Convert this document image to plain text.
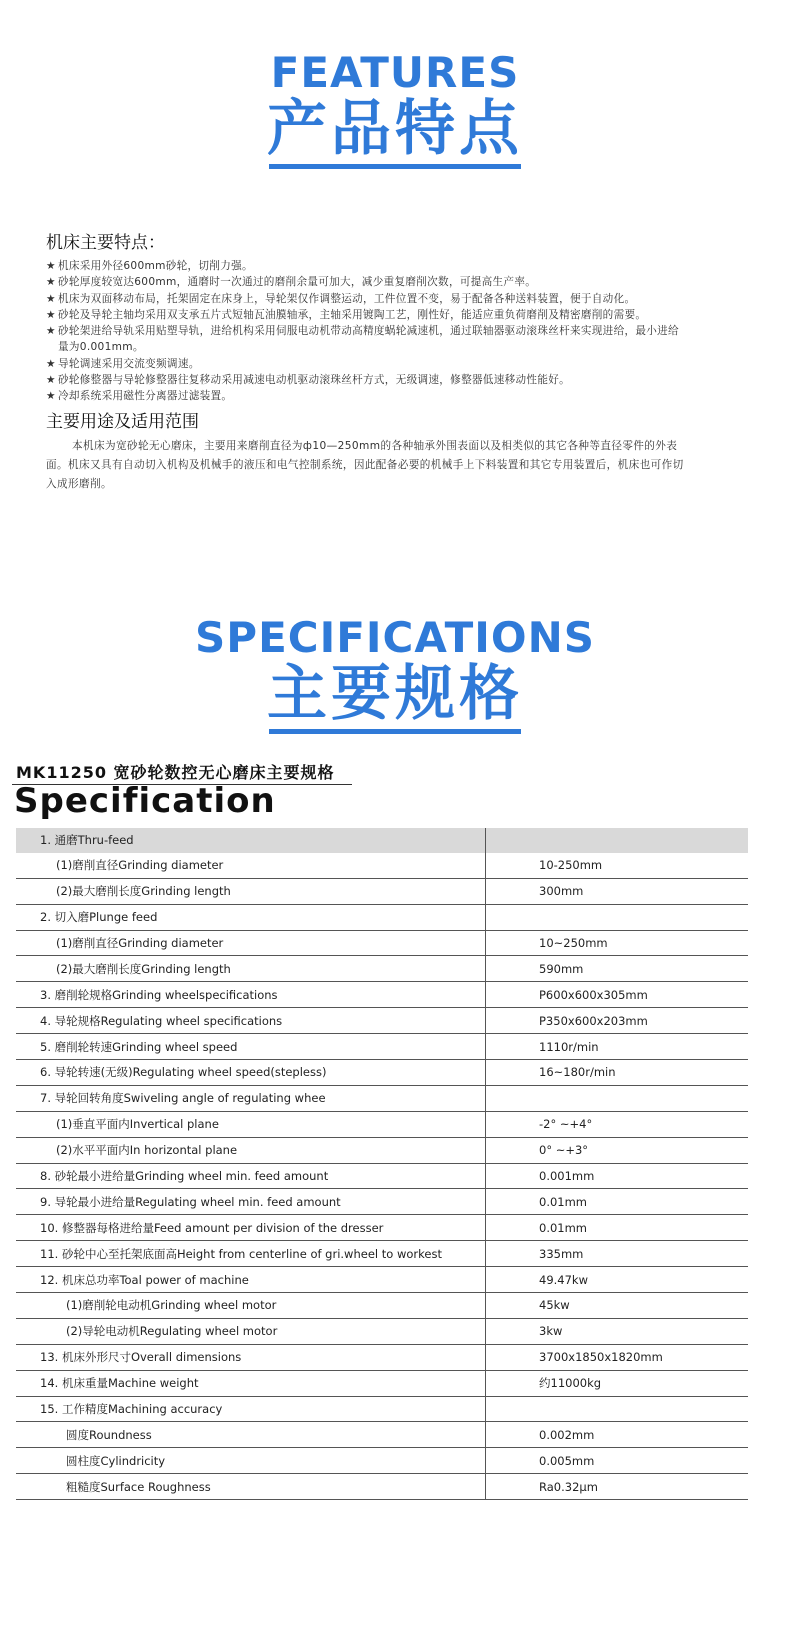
FEATURES
产品特点
机床主要特点：
★ 机床采用外径600mm砂轮，切削力强。
★ 砂轮厚度较宽达600mm，通磨时一次通过的磨削余量可加大，减少重复磨削次数，可提高生产率。
★ 机床为双面移动布局，托架固定在床身上，导轮架仅作调整运动，工件位置不变，易于配备各种送料装置，便于自动化。
★ 砂轮及导轮主轴均采用双支承五片式短轴瓦油膜轴承，主轴采用镀陶工艺，刚性好，能适应重负荷磨削及精密磨削的需要。
★ 砂轮架进给导轨采用贴塑导轨，进给机构采用伺服电动机带动高精度蜗轮减速机，通过联轴器驱动滚珠丝杆来实现进给，最小进给量为0.001mm。
★ 导轮调速采用交流变频调速。
★ 砂轮修整器与导轮修整器往复移动采用减速电动机驱动滚珠丝杆方式，无级调速，修整器低速移动性能好。
★ 冷却系统采用磁性分离器过滤装置。
主要用途及适用范围

本机床为宽砂轮无心磨床，主要用来磨削直径为ф10—250mm的各种轴承外围表面以及相类似的其它各种等直径零件的外表面。机床又具有自动切入机构及机械手的液压和电气控制系统，因此配备必要的机械手上下料装置和其它专用装置后，机床也可作切入成形磨削。

SPECIFICATIONS
主要规格
MK11250 宽砂轮数控无心磨床主要规格
Specification
1. 通磨Thru-feed	
(1)磨削直径Grinding diameter	10-250mm
(2)最大磨削长度Grinding length	300mm
2. 切入磨Plunge feed	
(1)磨削直径Grinding diameter	10~250mm
(2)最大磨削长度Grinding length	590mm
3. 磨削轮规格Grinding wheelspecifications	P600x600x305mm
4. 导轮规格Regulating wheel specifications	P350x600x203mm
5. 磨削轮转速Grinding wheel speed	1110r/min
6. 导轮转速(无级)Regulating wheel speed(stepless)	16~180r/min
7. 导轮回转角度Swiveling angle of regulating whee	
(1)垂直平面内Invertical plane	-2° ~+4°
(2)水平平面内In horizontal plane	0° ~+3°
8. 砂轮最小进给量Grinding wheel min. feed amount	0.001mm
9. 导轮最小进给量Regulating wheel min. feed amount	0.01mm
10. 修整器每格进给量Feed amount per division of the dresser	0.01mm
11. 砂轮中心至托架底面高Height from centerline of gri.wheel to workest	335mm
12. 机床总功率Toal power of machine	49.47kw
(1)磨削轮电动机Grinding wheel motor	45kw
(2)导轮电动机Regulating wheel motor	3kw
13. 机床外形尺寸Overall dimensions	3700x1850x1820mm
14. 机床重量Machine weight	约11000kg
15. 工作精度Machining accuracy	
圆度Roundness	0.002mm
圆柱度Cylindricity	0.005mm
粗糙度Surface Roughness	Ra0.32μm
